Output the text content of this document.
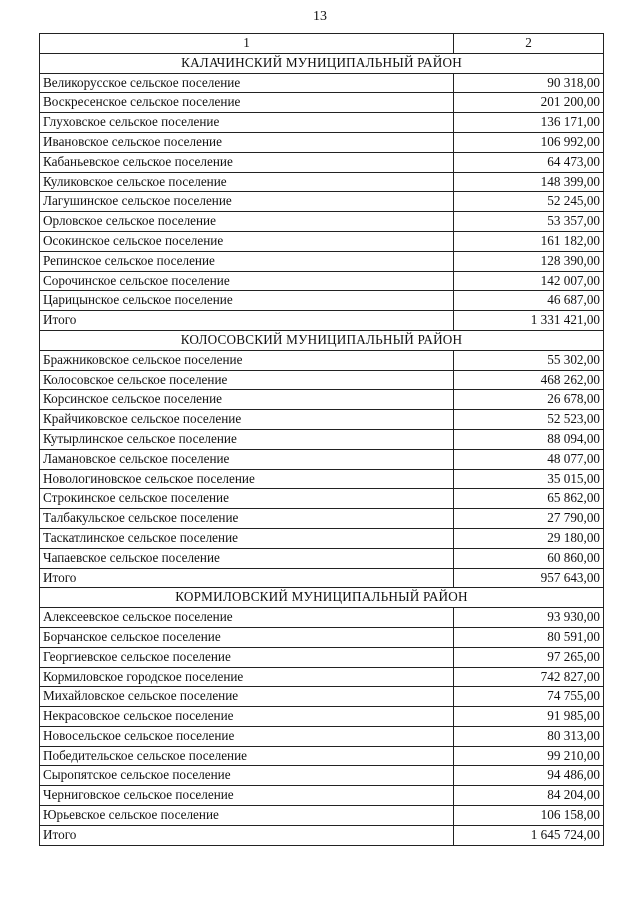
13
1	2
КАЛАЧИНСКИЙ МУНИЦИПАЛЬНЫЙ РАЙОН	
Великорусское сельское поселение	90 318,00
Воскресенское сельское поселение	201 200,00
Глуховское сельское поселение	136 171,00
Ивановское сельское поселение	106 992,00
Кабаньевское сельское поселение	64 473,00
Куликовское сельское поселение	148 399,00
Лагушинское сельское поселение	52 245,00
Орловское сельское поселение	53 357,00
Осокинское сельское поселение	161 182,00
Репинское сельское поселение	128 390,00
Сорочинское сельское поселение	142 007,00
Царицынское сельское поселение	46 687,00
Итого	1 331 421,00
КОЛОСОВСКИЙ МУНИЦИПАЛЬНЫЙ РАЙОН	
Бражниковское сельское поселение	55 302,00
Колосовское сельское поселение	468 262,00
Корсинское сельское поселение	26 678,00
Крайчиковское сельское поселение	52 523,00
Кутырлинское сельское поселение	88 094,00
Ламановское сельское поселение	48 077,00
Новологиновское сельское поселение	35 015,00
Строкинское сельское поселение	65 862,00
Талбакульское сельское поселение	27 790,00
Таскатлинское сельское поселение	29 180,00
Чапаевское сельское поселение	60 860,00
Итого	957 643,00
КОРМИЛОВСКИЙ МУНИЦИПАЛЬНЫЙ РАЙОН	
Алексеевское сельское поселение	93 930,00
Борчанское сельское поселение	80 591,00
Георгиевское сельское поселение	97 265,00
Кормиловское городское поселение	742 827,00
Михайловское сельское поселение	74 755,00
Некрасовское сельское поселение	91 985,00
Новосельское сельское поселение	80 313,00
Победительское сельское поселение	99 210,00
Сыропятское сельское поселение	94 486,00
Черниговское сельское поселение	84 204,00
Юрьевское сельское поселение	106 158,00
Итого	1 645 724,00
